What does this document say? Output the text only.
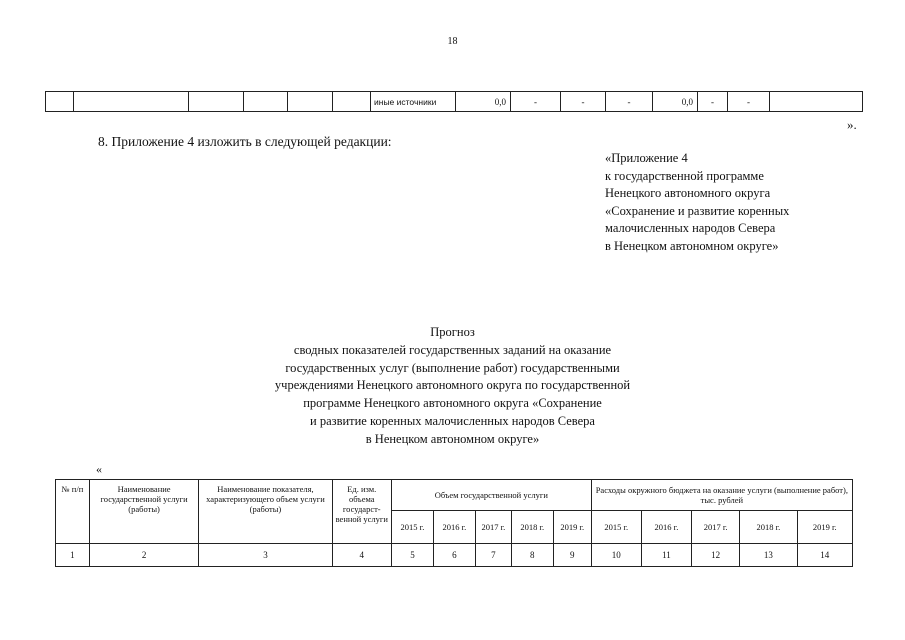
18
						иные источники	0,0	-	-	-	0,0	-	-	
».
8. Приложение 4 изложить в следующей редакции:
«Приложение 4
к государственной программе
Ненецкого автономного округа
«Сохранение и развитие коренных
малочисленных народов Севера
в Ненецком автономном округе»
Прогноз
сводных показателей государственных заданий на оказание
государственных услуг (выполнение работ) государственными
учреждениями Ненецкого автономного округа по государственной
программе Ненецкого автономного округа «Сохранение
и развитие коренных малочисленных народов Севера
в Ненецком автономном округе»
«
№ п/п	Наименование государственной услуги (работы)	Наименование показателя, характеризующего объем услуги (работы)	Ед. изм. объема государст-венной услуги	Объем государственной услуги					Расходы окружного бюджета на оказание услуги (выполнение работ), тыс. рублей				
				2015 г.	2016 г.	2017 г.	2018 г.	2019 г.	2015 г.	2016 г.	2017 г.	2018 г.	2019 г.
1	2	3	4	5	6	7	8	9	10	11	12	13	14
